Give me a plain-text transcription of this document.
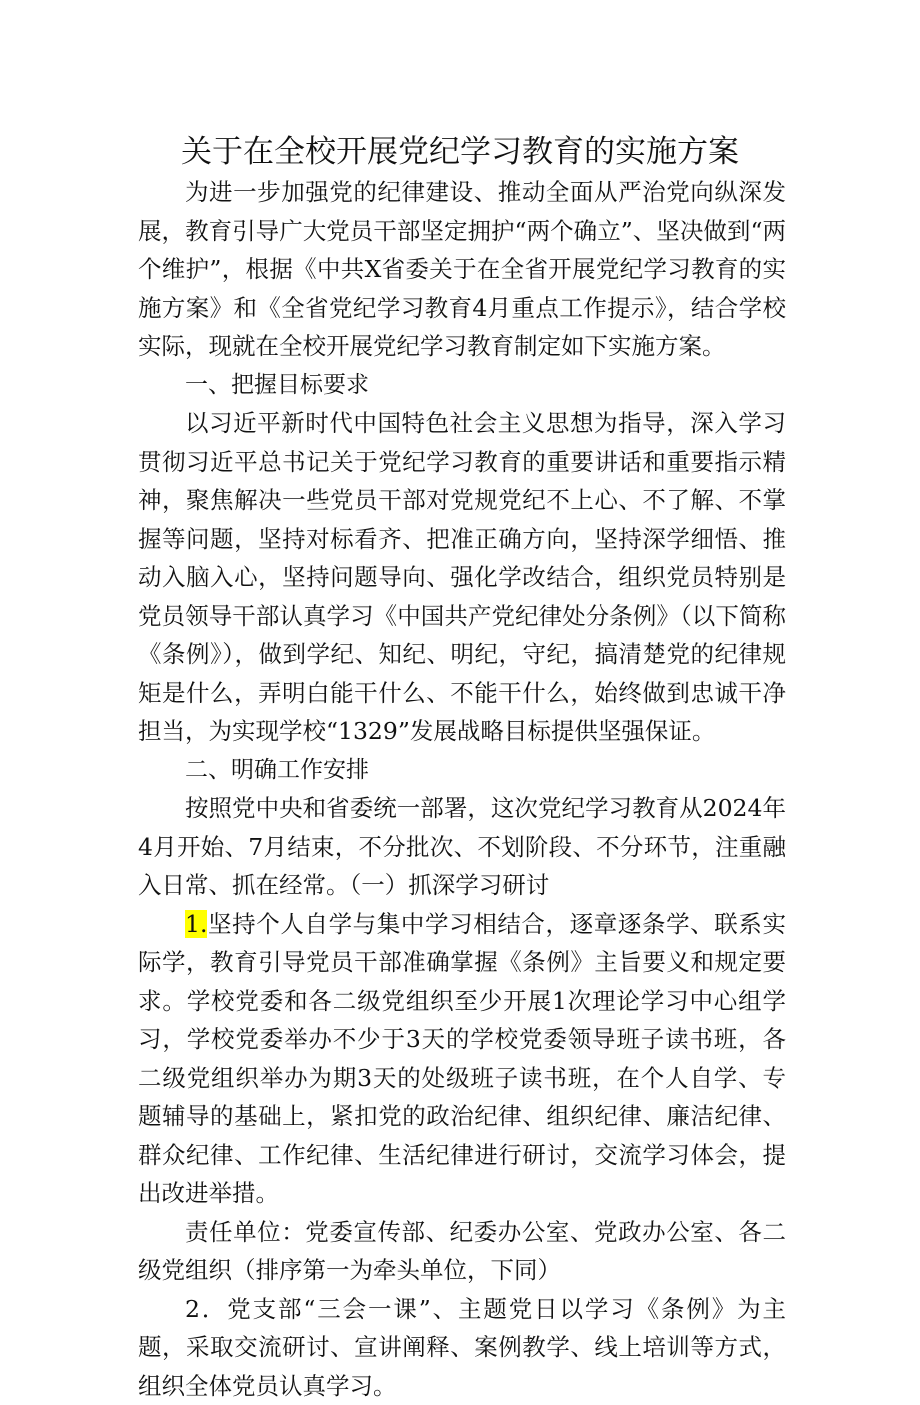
关于在全校开展党纪学习教育的实施方案

为进一步加强党的纪律建设、推动全面从严治党向纵深发展，教育引导广大党员干部坚定拥护“两个确立”、坚决做到“两个维护”，根据《中共X省委关于在全省开展党纪学习教育的实施方案》和《全省党纪学习教育4月重点工作提示》，结合学校实际，现就在全校开展党纪学习教育制定如下实施方案。

一、把握目标要求

以习近平新时代中国特色社会主义思想为指导，深入学习贯彻习近平总书记关于党纪学习教育的重要讲话和重要指示精神，聚焦解决一些党员干部对党规党纪不上心、不了解、不掌握等问题，坚持对标看齐、把准正确方向，坚持深学细悟、推动入脑入心，坚持问题导向、强化学改结合，组织党员特别是党员领导干部认真学习《中国共产党纪律处分条例》（以下简称《条例》），做到学纪、知纪、明纪，守纪，搞清楚党的纪律规矩是什么，弄明白能干什么、不能干什么，始终做到忠诚干净担当，为实现学校“1329”发展战略目标提供坚强保证。

二、明确工作安排

按照党中央和省委统一部署，这次党纪学习教育从2024年4月开始、7月结束，不分批次、不划阶段、不分环节，注重融入日常、抓在经常。（一）抓深学习研讨

1.坚持个人自学与集中学习相结合，逐章逐条学、联系实际学，教育引导党员干部准确掌握《条例》主旨要义和规定要求。学校党委和各二级党组织至少开展1次理论学习中心组学习，学校党委举办不少于3天的学校党委领导班子读书班，各二级党组织举办为期3天的处级班子读书班，在个人自学、专题辅导的基础上，紧扣党的政治纪律、组织纪律、廉洁纪律、群众纪律、工作纪律、生活纪律进行研讨，交流学习体会，提出改进举措。

责任单位：党委宣传部、纪委办公室、党政办公室、各二级党组织（排序第一为牵头单位，下同）

2．党支部“三会一课”、主题党日以学习《条例》为主题，采取交流研讨、宣讲阐释、案例教学、线上培训等方式，组织全体党员认真学习。
